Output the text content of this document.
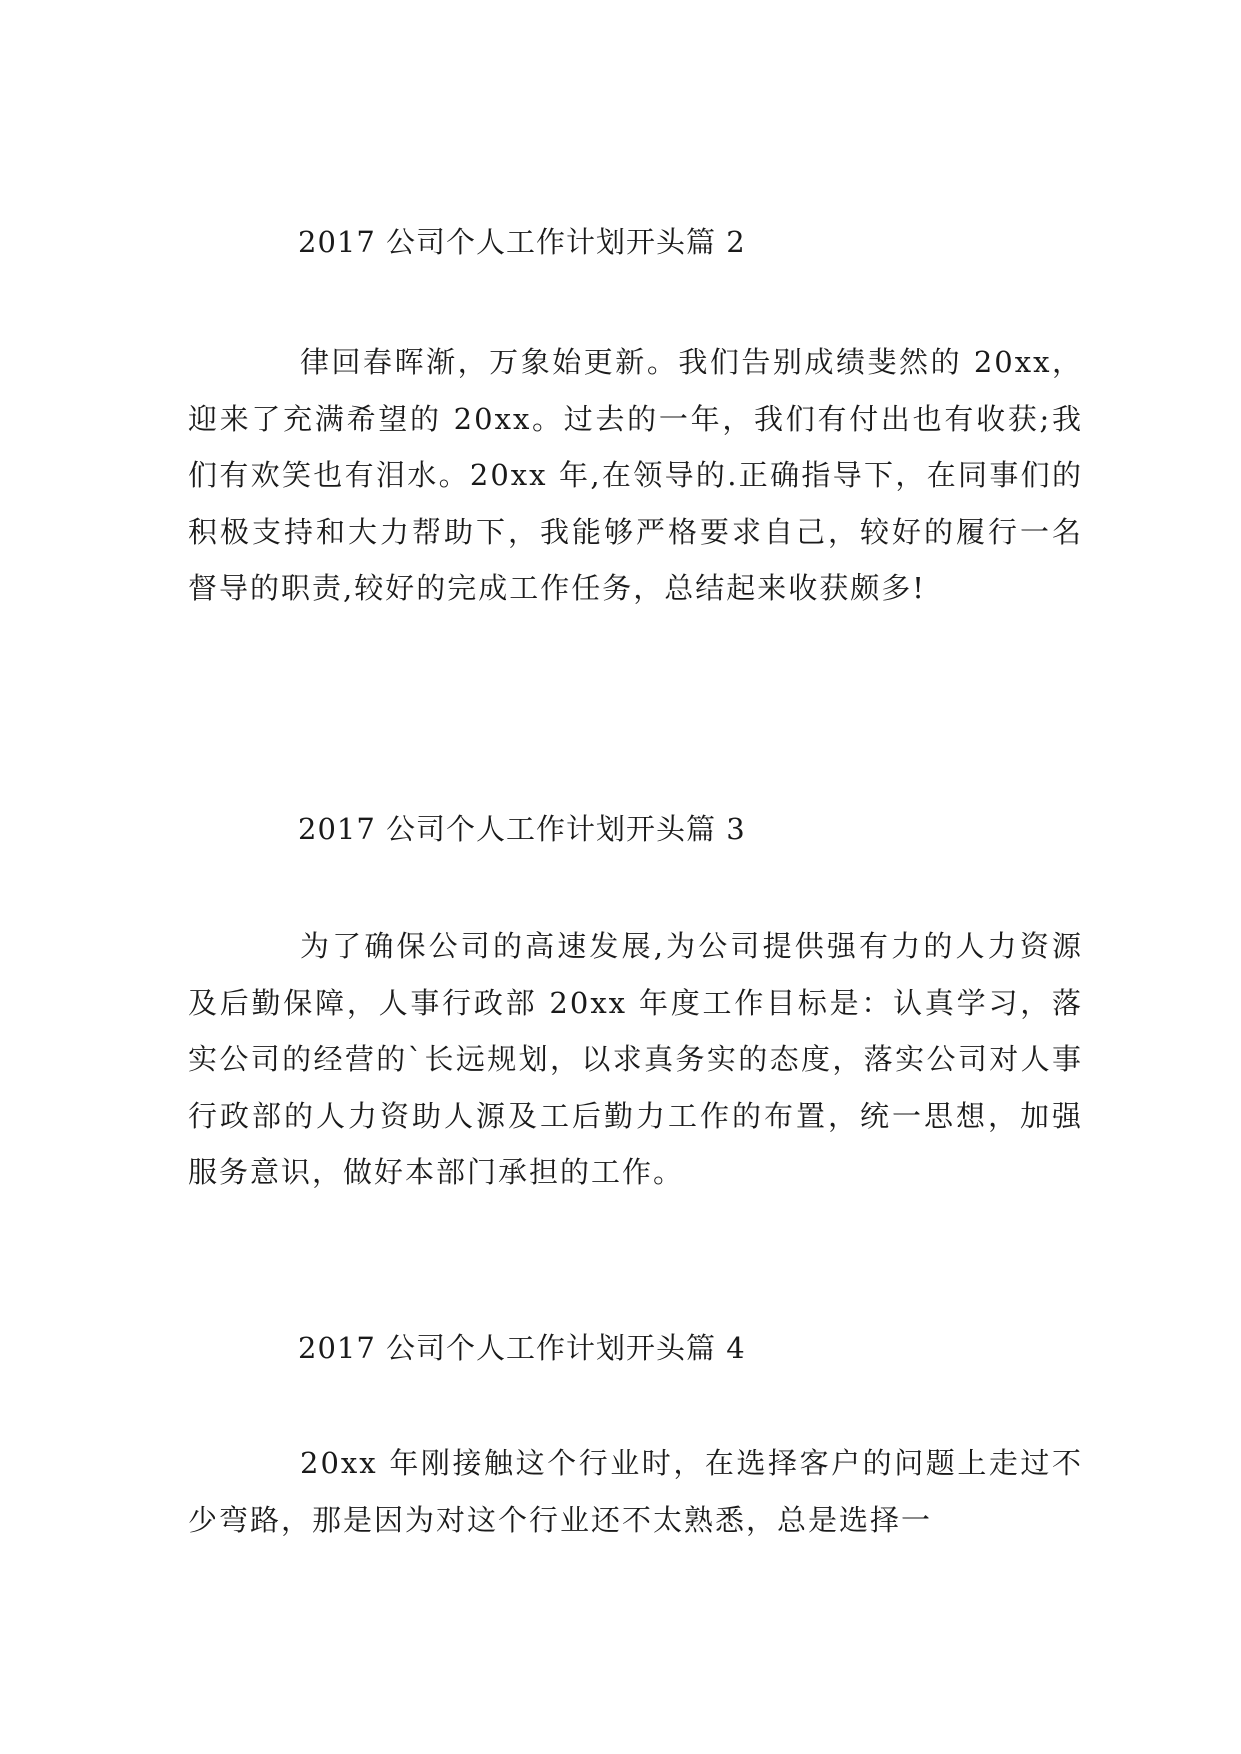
2017 公司个人工作计划开头篇 2

律回春晖渐，万象始更新。我们告别成绩斐然的 20xx，迎来了充满希望的 20xx。过去的一年，我们有付出也有收获;我们有欢笑也有泪水。20xx 年,在领导的.正确指导下，在同事们的积极支持和大力帮助下，我能够严格要求自己，较好的履行一名督导的职责,较好的完成工作任务，总结起来收获颇多!

2017 公司个人工作计划开头篇 3

为了确保公司的高速发展,为公司提供强有力的人力资源及后勤保障，人事行政部 20xx 年度工作目标是：认真学习，落实公司的经营的`长远规划，以求真务实的态度，落实公司对人事行政部的人力资助人源及工后勤力工作的布置，统一思想，加强服务意识，做好本部门承担的工作。

2017 公司个人工作计划开头篇 4

20xx 年刚接触这个行业时，在选择客户的问题上走过不少弯路，那是因为对这个行业还不太熟悉，总是选择一
